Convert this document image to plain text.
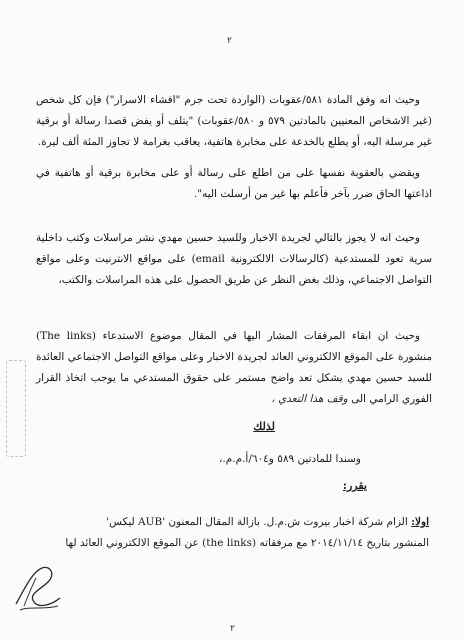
٢

وحيث انه وفق المادة ٥٨١/عقوبات (الواردة تحت جرم "افشاء الاسرار") فإن كل شخص (غير الاشخاص المعنيين بالمادتين ٥٧٩ و ٥٨٠/عقوبات) "يتلف أو يفض قصدا رسالة أو برقية غير مرسلة اليه، أو يطلع بالخدعة على مخابرة هاتفية، يعاقب بغرامة لا تجاوز المئة ألف ليرة.

ويقضي بالعقوبة نفسها على من اطلع على رسالة أو على مخابرة برقية أو هاتفية في اذاعتها الحاق ضرر بآخر فأعلم بها غير من أرسلت اليه".

وحيث انه لا يجوز بالتالي لجريدة الاخبار وللسيد حسين مهدي نشر مراسلات وكتب داخلية سرية تعود للمستدعية (كالرسالات الالكترونية email) على مواقع الانترنيت وعلى مواقع التواصل الاجتماعي، وذلك بغض النظر عن طريق الحصول على هذه المراسلات والكتب،

وحيث ان ابقاء المرفقات المشار اليها في المقال موضوع الاستدعاء (The links) منشورة على الموقع الالكتروني العائد لجريدة الاخبار وعلى مواقع التواصل الاجتماعي العائدة للسيد حسين مهدي يشكل تعد واضح مستمر على حقوق المستدعي ما يوجب اتخاذ القرار الفوري الرامي الى وقف هذا التعدي ،

لذلك
وسندا للمادتين ٥٨٩ و٦٠٤/أ.م.م.،
يقرر:
اولا: الزام شركة اخبار بيروت ش.م.ل. بازالة المقال المعنون 'AUB ليكس'
المنشور بتاريخ ٢٠١٤/١١/١٤ مع مرفقاته (the links) عن الموقع الالكتروني العائد لها
٢
